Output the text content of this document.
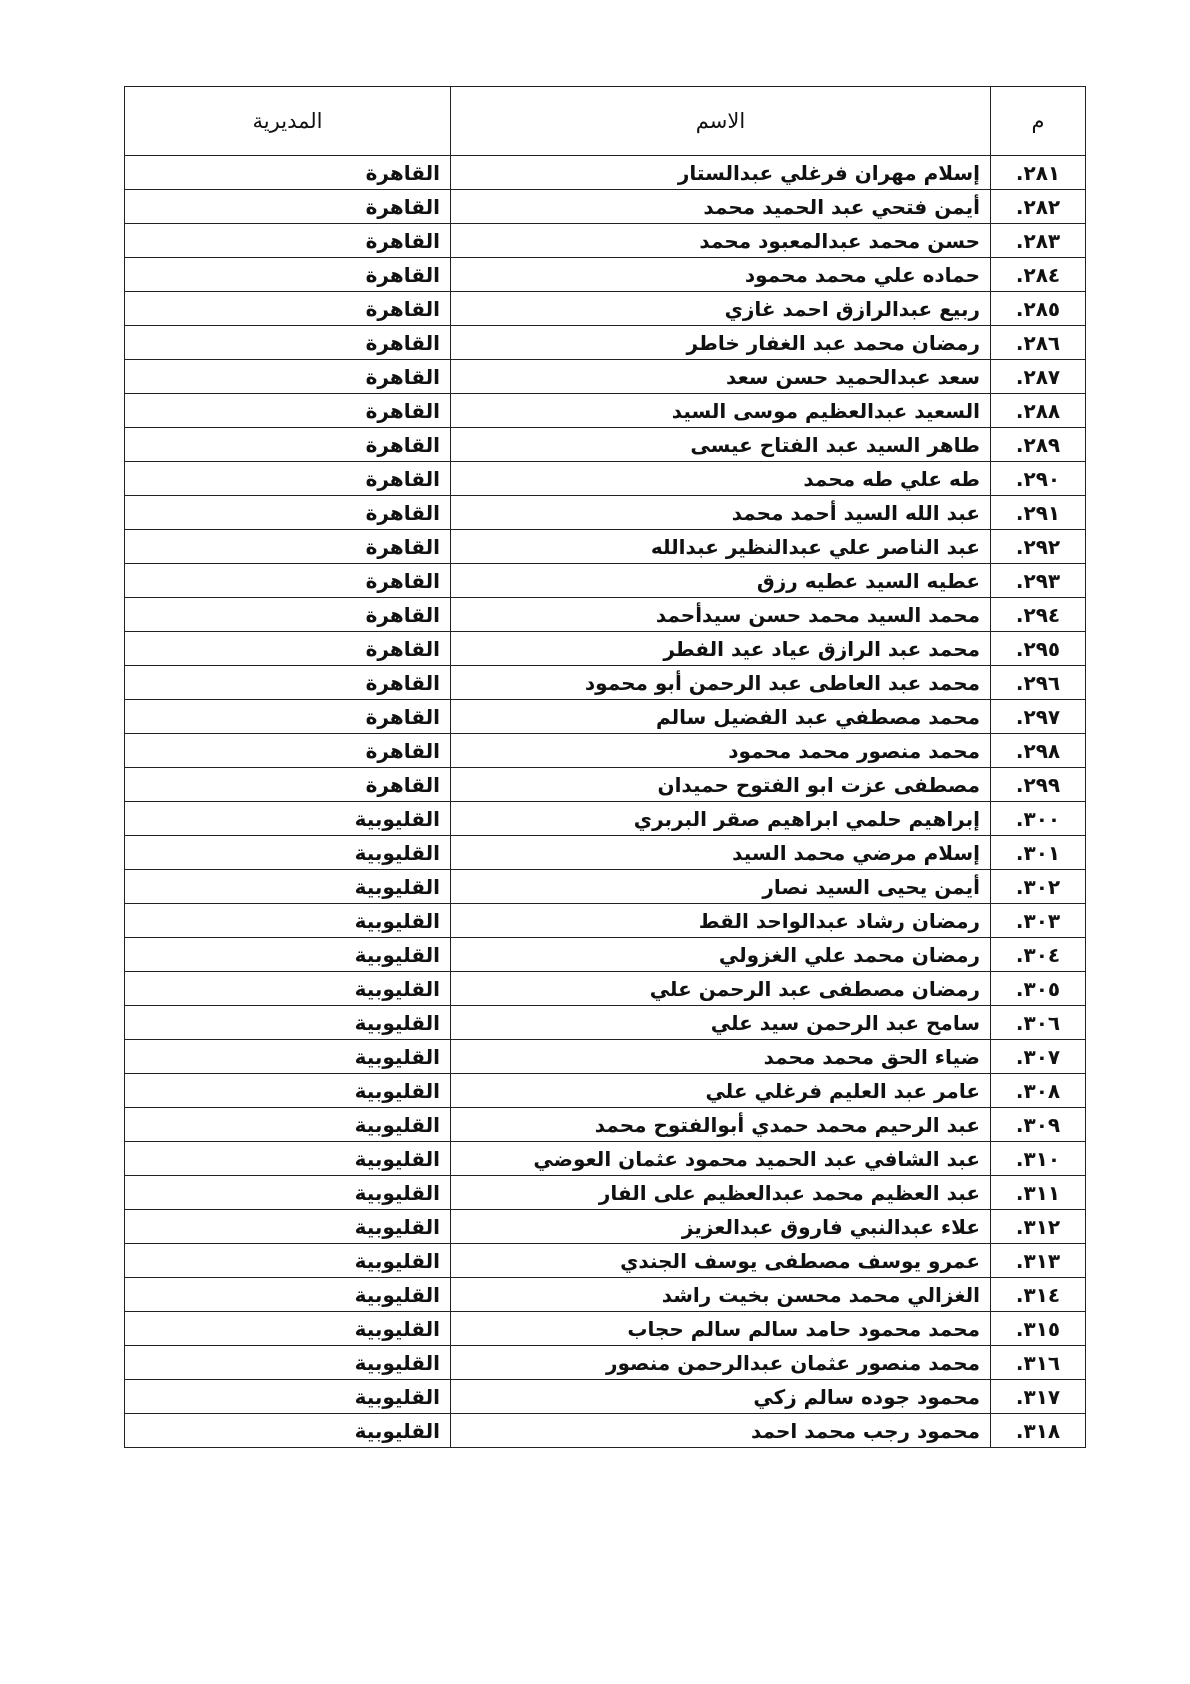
م	الاسم	المديرية
٢٨١.	إسلام مهران فرغلي عبدالستار	القاهرة
٢٨٢.	أيمن فتحي عبد الحميد محمد	القاهرة
٢٨٣.	حسن محمد عبدالمعبود محمد	القاهرة
٢٨٤.	حماده علي محمد محمود	القاهرة
٢٨٥.	ربيع عبدالرازق احمد غازي	القاهرة
٢٨٦.	رمضان محمد عبد الغفار خاطر	القاهرة
٢٨٧.	سعد عبدالحميد حسن سعد	القاهرة
٢٨٨.	السعيد عبدالعظيم موسى السيد	القاهرة
٢٨٩.	طاهر السيد عبد الفتاح عيسى	القاهرة
٢٩٠.	طه علي طه محمد	القاهرة
٢٩١.	عبد الله السيد أحمد محمد	القاهرة
٢٩٢.	عبد الناصر علي عبدالنظير عبدالله	القاهرة
٢٩٣.	عطيه السيد عطيه رزق	القاهرة
٢٩٤.	محمد السيد محمد حسن سيدأحمد	القاهرة
٢٩٥.	محمد عبد الرازق عياد عيد الفطر	القاهرة
٢٩٦.	محمد عبد العاطى عبد الرحمن أبو محمود	القاهرة
٢٩٧.	محمد مصطفي عبد الفضيل سالم	القاهرة
٢٩٨.	محمد منصور محمد محمود	القاهرة
٢٩٩.	مصطفى عزت ابو الفتوح حميدان	القاهرة
٣٠٠.	إبراهيم حلمي ابراهيم صقر البربري	القليوبية
٣٠١.	إسلام مرضي محمد السيد	القليوبية
٣٠٢.	أيمن يحيى السيد نصار	القليوبية
٣٠٣.	رمضان رشاد عبدالواحد القط	القليوبية
٣٠٤.	رمضان محمد علي الغزولي	القليوبية
٣٠٥.	رمضان مصطفى عبد الرحمن علي	القليوبية
٣٠٦.	سامح عبد الرحمن سيد علي	القليوبية
٣٠٧.	ضياء الحق محمد محمد	القليوبية
٣٠٨.	عامر عبد العليم فرغلي علي	القليوبية
٣٠٩.	عبد الرحيم محمد حمدي أبوالفتوح محمد	القليوبية
٣١٠.	عبد الشافي عبد الحميد محمود عثمان العوضي	القليوبية
٣١١.	عبد العظيم محمد عبدالعظيم على الفار	القليوبية
٣١٢.	علاء عبدالنبي فاروق عبدالعزيز	القليوبية
٣١٣.	عمرو يوسف مصطفى يوسف الجندي	القليوبية
٣١٤.	الغزالي محمد محسن بخيت راشد	القليوبية
٣١٥.	محمد محمود حامد سالم سالم حجاب	القليوبية
٣١٦.	محمد منصور عثمان عبدالرحمن منصور	القليوبية
٣١٧.	محمود جوده سالم زكي	القليوبية
٣١٨.	محمود رجب محمد احمد	القليوبية
